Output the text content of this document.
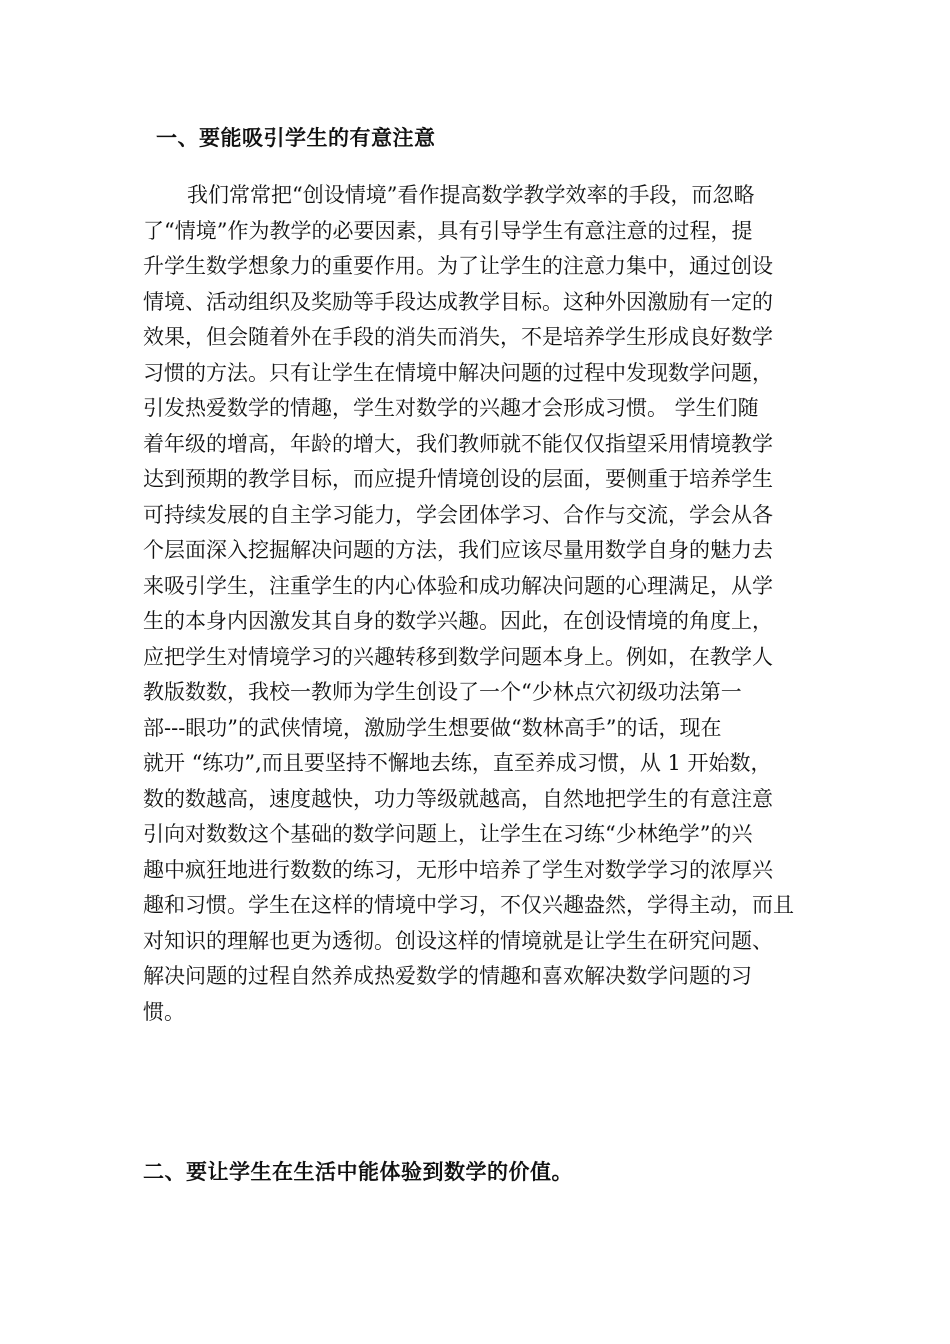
一、要能吸引学生的有意注意
我们常常把“创设情境”看作提高数学教学效率的手段，而忽略
了“情境”作为教学的必要因素，具有引导学生有意注意的过程，提
升学生数学想象力的重要作用。为了让学生的注意力集中，通过创设
情境、活动组织及奖励等手段达成教学目标。这种外因激励有一定的
效果，但会随着外在手段的消失而消失，不是培养学生形成良好数学
习惯的方法。只有让学生在情境中解决问题的过程中发现数学问题，
引发热爱数学的情趣，学生对数学的兴趣才会形成习惯。 学生们随
着年级的增高，年龄的增大，我们教师就不能仅仅指望采用情境教学
达到预期的教学目标，而应提升情境创设的层面，要侧重于培养学生
可持续发展的自主学习能力，学会团体学习、合作与交流，学会从各
个层面深入挖掘解决问题的方法，我们应该尽量用数学自身的魅力去
来吸引学生，注重学生的内心体验和成功解决问题的心理满足，从学
生的本身内因激发其自身的数学兴趣。因此，在创设情境的角度上，
应把学生对情境学习的兴趣转移到数学问题本身上。例如，在教学人
教版数数，我校一教师为学生创设了一个“少林点穴初级功法第一
部---眼功”的武侠情境，激励学生想要做“数林高手”的话，现在
就开 “练功”,而且要坚持不懈地去练，直至养成习惯，从 1 开始数，
数的数越高，速度越快，功力等级就越高，自然地把学生的有意注意
引向对数数这个基础的数学问题上，让学生在习练“少林绝学”的兴
趣中疯狂地进行数数的练习，无形中培养了学生对数学学习的浓厚兴
趣和习惯。学生在这样的情境中学习，不仅兴趣盎然，学得主动，而且
对知识的理解也更为透彻。创设这样的情境就是让学生在研究问题、
解决问题的过程自然养成热爱数学的情趣和喜欢解决数学问题的习
惯。
二、要让学生在生活中能体验到数学的价值。
